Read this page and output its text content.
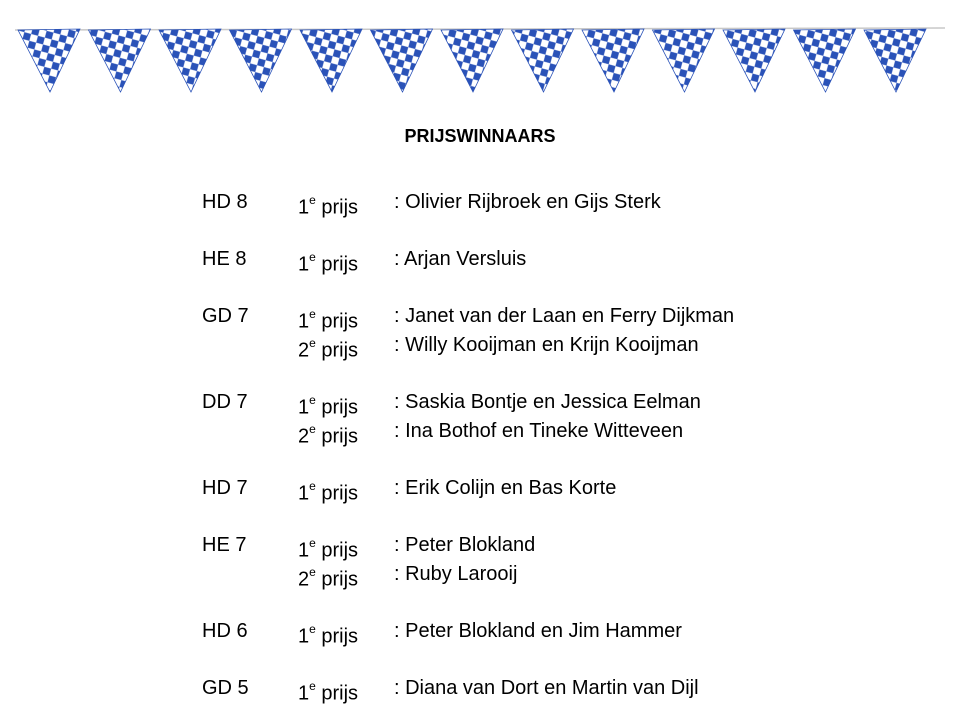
PRIJSWINNAARS
HD 8	1e prijs : Olivier Rijbroek en Gijs Sterk
HE 8	1e prijs : Arjan Versluis
GD 7 1e prijs : Janet van der Laan en Ferry Dijkman
2e prijs : Willy Kooijman en Krijn Kooijman
DD 7	1e prijs : Saskia Bontje en Jessica Eelman
2e prijs : Ina Bothof en Tineke Witteveen
HD 7	1e prijs : Erik Colijn en Bas Korte
HE 7	1e prijs : Peter Blokland
2e prijs : Ruby Larooij
HD 6	1e prijs : Peter Blokland en Jim Hammer
GD 5 1e prijs : Diana van Dort en Martin van Dijl
